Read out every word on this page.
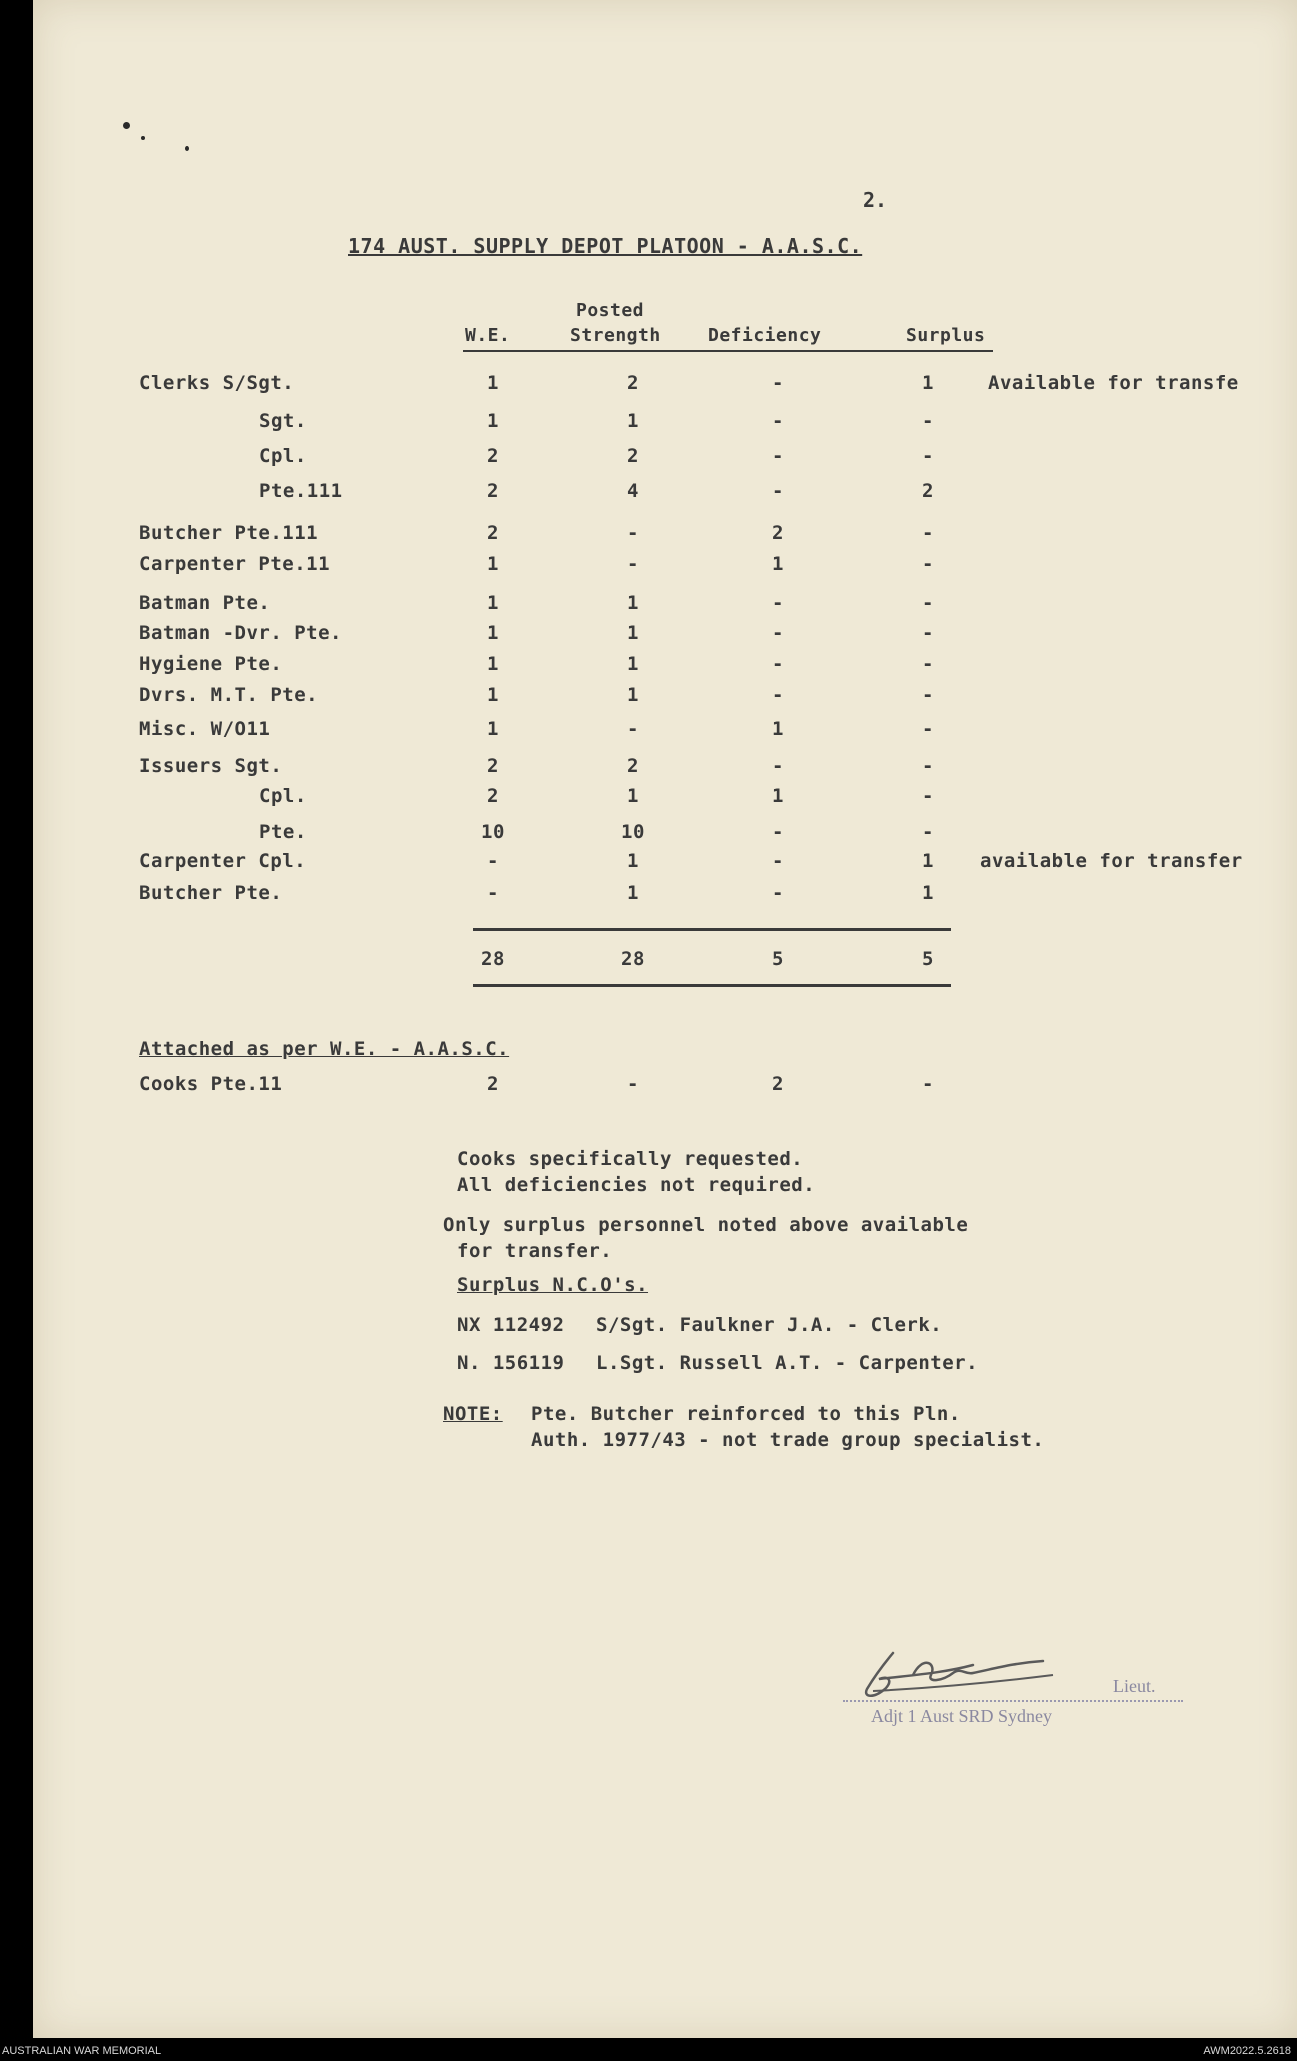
2.
174 AUST. SUPPLY DEPOT PLATOON - A.A.S.C.
Posted
W.E.	Strength	Deficiency	Surplus
Clerks S/Sgt.	1	2	-	1	Available for transfe
Sgt.	1	1	-	-
Cpl.	2	2	-	-
Pte.111	2	4	-	2
Butcher Pte.111	2	-	2	-
Carpenter Pte.11	1	-	1	-
Batman Pte.	1	1	-	-
Batman -Dvr. Pte.	1	1	-	-
Hygiene Pte.	1	1	-	-
Dvrs. M.T. Pte.	1	1	-	-
Misc. W/O11	1	-	1	-
Issuers Sgt.	2	2	-	-
Cpl.	2	1	1	-
Pte.	10	10	-	-
Carpenter Cpl.	-	1	-	1	available for transfer
Butcher Pte.	-	1	-	1
28	28	5	5
Attached as per W.E. - A.A.S.C.
Cooks Pte.11	2	-	2	-
Cooks specifically requested.
All deficiencies not required.
Only surplus personnel noted above available
for transfer.
Surplus N.C.O's.
NX 112492 S/Sgt. Faulkner J.A. - Clerk.
N. 156119 L.Sgt. Russell A.T. - Carpenter.
NOTE: Pte. Butcher reinforced to this Pln.
Auth. 1977/43 - not trade group specialist.
Lieut.
Adjt 1 Aust SRD Sydney
AUSTRALIAN WAR MEMORIAL	AWM2022.5.2618
